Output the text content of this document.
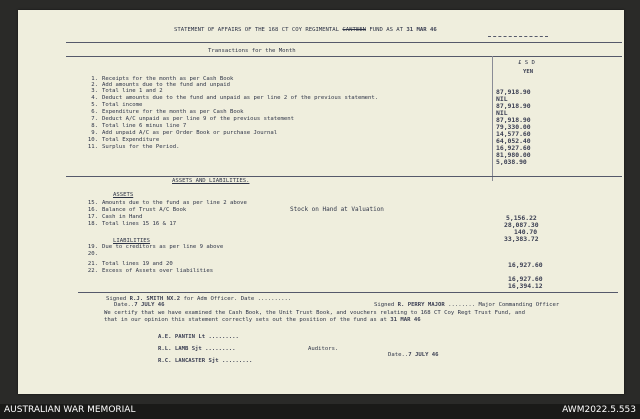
STATEMENT OF AFFAIRS OF THE 168 CT COY REGIMENTAL CANTEEN FUND AS AT 31 MAR 46
Transactions for the Month
£ S D
YEN
1. Receipts for the month as per Cash Book
2. Add amounts due to the fund and unpaid
3. Total line 1 and 2
4. Deduct amounts due to the fund and unpaid as per line 2 of the previous statement.
5. Total income
6. Expenditure for the month as per Cash Book
7. Deduct A/C unpaid as per line 9 of the previous statement
8. Total line 6 minus line 7
9. Add unpaid A/C as per Order Book or purchase Journal
10. Total Expenditure
11. Surplus for the Period.
87,918.90
NIL
87,918.90
NIL
87,918.90
79,330.00
14,577.60
64,052.40
16,927.60
81,980.00
5,038.90
ASSETS AND LIABILITIES.
ASSETS
15. Amounts due to the fund as per line 2 above
16. Balance of Trust A/C Book
17. Cash in Hand
18. Total lines 15 16 & 17
Stock on Hand at Valuation
5,156.22
28,087.30
140.70
33,383.72
LIABILITIES
19. Due to creditors as per line 9 above
20.
21. Total lines 19 and 20
22. Excess of Assets over liabilities
16,927.60
16,927.60
16,394.12
Signed R.J. SMITH NX.2 for Adm Officer. Date ..........
Signed R. PERRY MAJOR ........ Major Commanding Officer
Date..7 JULY 46
We certify that we have examined the Cash Book, the Unit Trust Book, and vouchers relating to 168 CT Coy Regt Trust Fund, and
that in our opinion this statement correctly sets out the position of the fund as at 31 MAR 46
A.E. PANTIN Lt .........
R.L. LAMB Sjt .........	Auditors.
Date..7 JULY 46
R.C. LANCASTER Sjt .........
AUSTRALIAN WAR MEMORIAL	AWM2022.5.553
